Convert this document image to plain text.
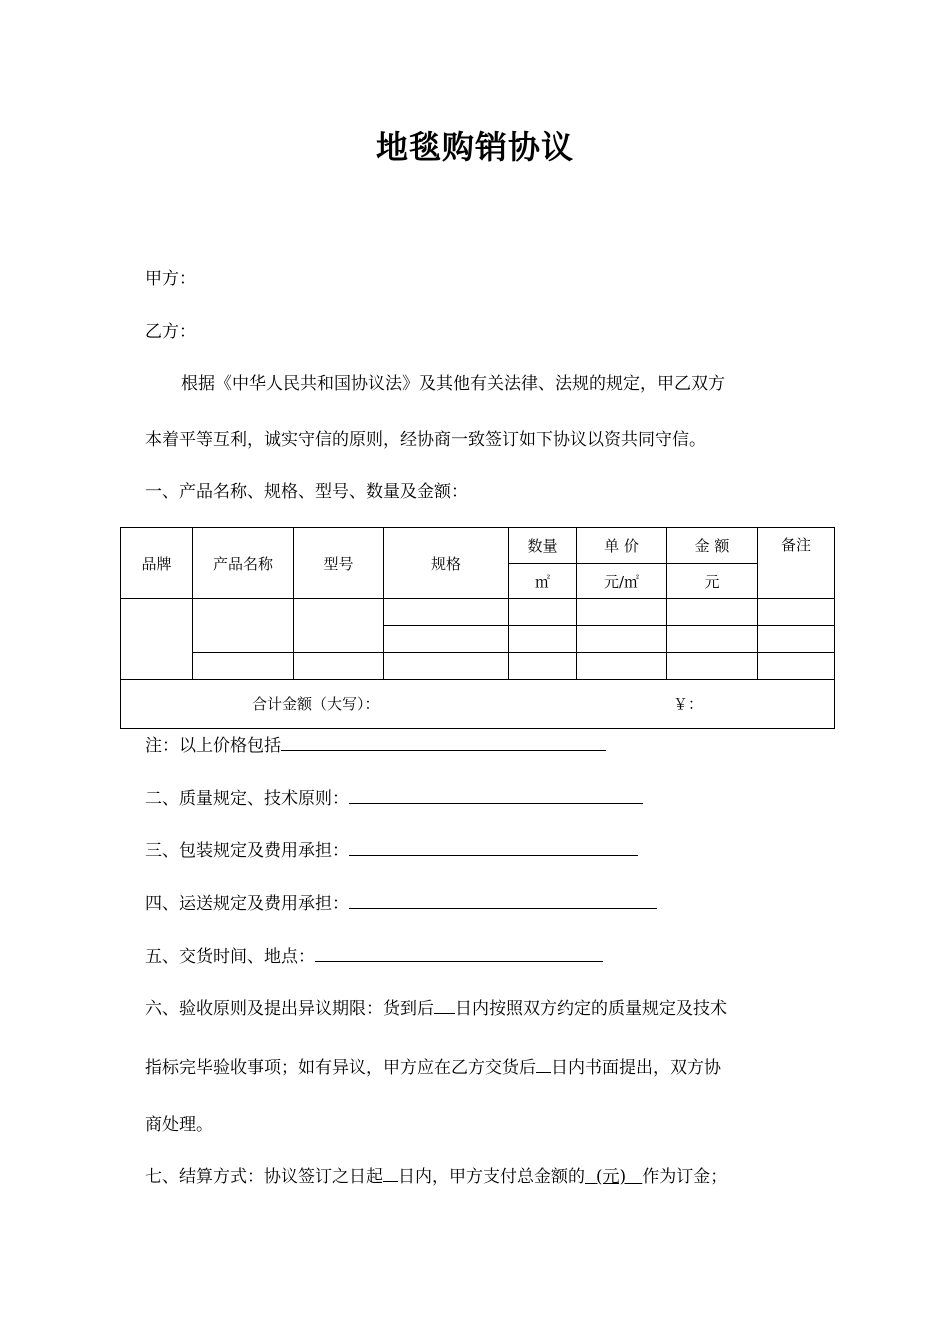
地毯购销协议
甲方：
乙方：
根据《中华人民共和国协议法》及其他有关法律、法规的规定，甲乙双方
本着平等互利，诚实守信的原则，经协商一致签订如下协议以资共同守信。
一、产品名称、规格、型号、数量及金额：
品牌	产品名称	型号	规格	数量	单 价	金 额	备注
				㎡	元/㎡	元	

合计金额（大写）： ￥：							
注：以上价格包括
二、质量规定、技术原则：
三、包装规定及费用承担：
四、运送规定及费用承担：
五、交货时间、地点：
六、验收原则及提出异议期限：货到后 日内按照双方约定的质量规定及技术
指标完毕验收事项；如有异议，甲方应在乙方交货后 日内书面提出，双方协
商处理。
七、结算方式：协议签订之日起 日内，甲方支付总金额的 (元) 作为订金；
